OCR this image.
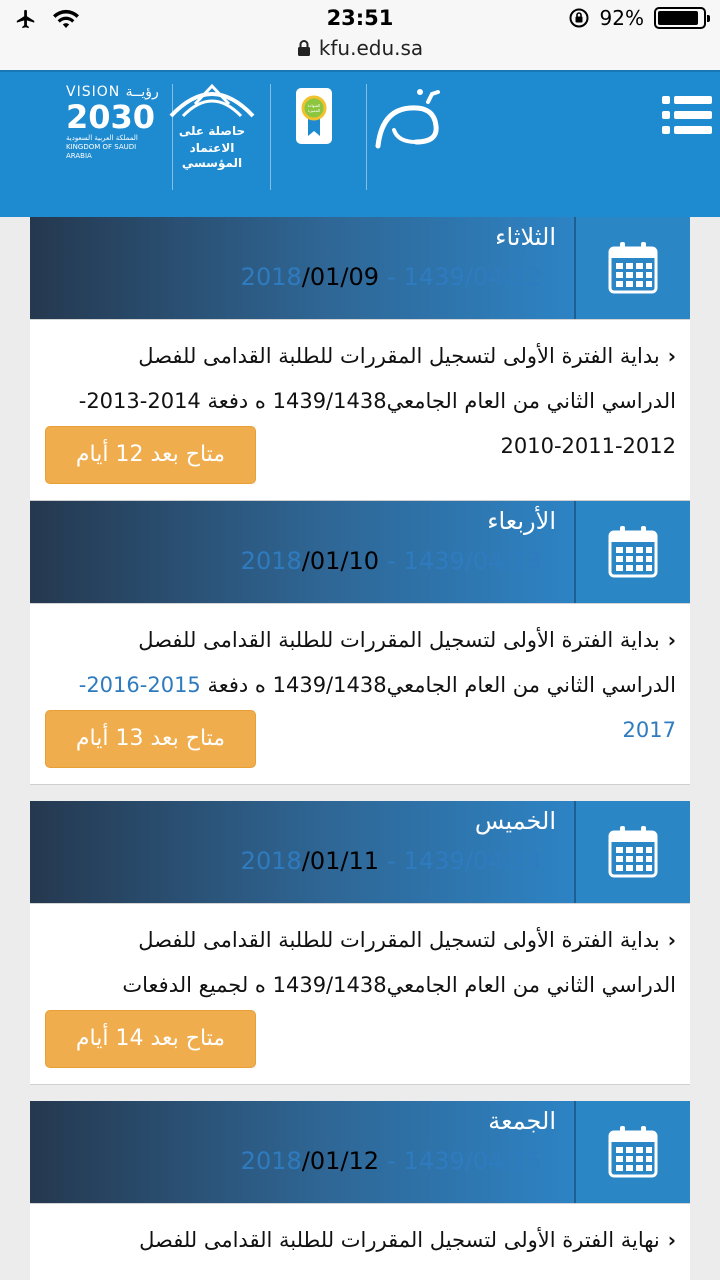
23:51
kfu.edu.sa
92%
VISION رؤيــة
2030
المملكة العربية السعودية
KINGDOM OF SAUDI ARABIA
حاصلة على
الاعتماد المؤسسي
الشهادة المميزة
الثلاثاء
2018/01/09 - 1439/04/22
‹بداية الفترة الأولى لتسجيل المقررات للطلبة القدامى للفصل
الدراسي الثاني من العام الجامعي1439/1438 ه دفعة 2014-2013-
2010-2011-2012
متاح بعد 12 أيام
الأربعاء
2018/01/10 - 1439/04/23
‹بداية الفترة الأولى لتسجيل المقررات للطلبة القدامى للفصل
الدراسي الثاني من العام الجامعي1439/1438 ه دفعة 2015-2016-
2017
متاح بعد 13 أيام
الخميس
2018/01/11 - 1439/04/24
‹بداية الفترة الأولى لتسجيل المقررات للطلبة القدامى للفصل
الدراسي الثاني من العام الجامعي1439/1438 ه لجميع الدفعات
متاح بعد 14 أيام
الجمعة
2018/01/12 - 1439/04/25
‹نهاية الفترة الأولى لتسجيل المقررات للطلبة القدامى للفصل
